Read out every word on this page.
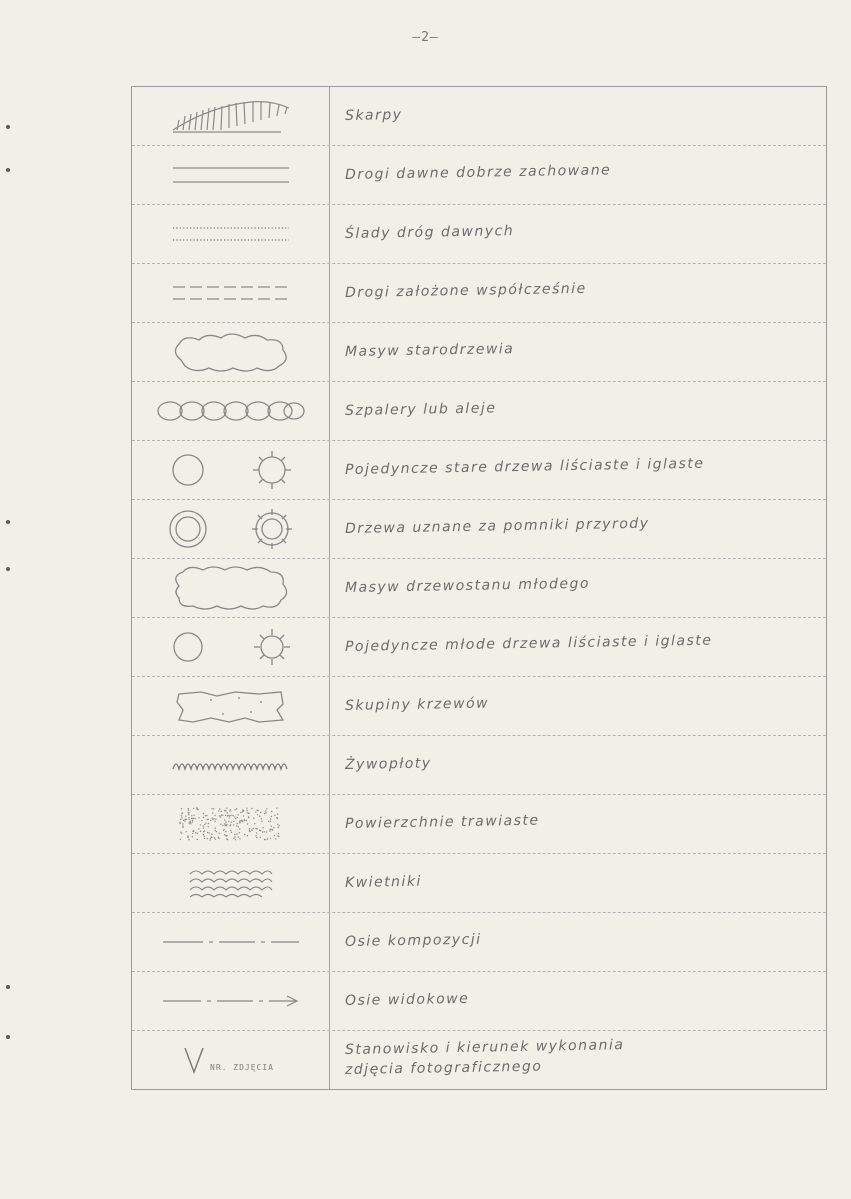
—2—
Skarpy
Drogi dawne dobrze zachowane
Ślady dróg dawnych
Drogi założone współcześnie
Masyw starodrzewia
Szpalery lub aleje
Pojedyncze stare drzewa liściaste i iglaste
Drzewa uznane za pomniki przyrody
Masyw drzewostanu młodego
Pojedyncze młode drzewa liściaste i iglaste
Skupiny krzewów
Żywopłoty
Powierzchnie trawiaste
Kwietniki
Osie kompozycji
Osie widokowe
NR. ZDJĘCIA
Stanowisko i kierunek wykonania
zdjęcia fotograficznego
